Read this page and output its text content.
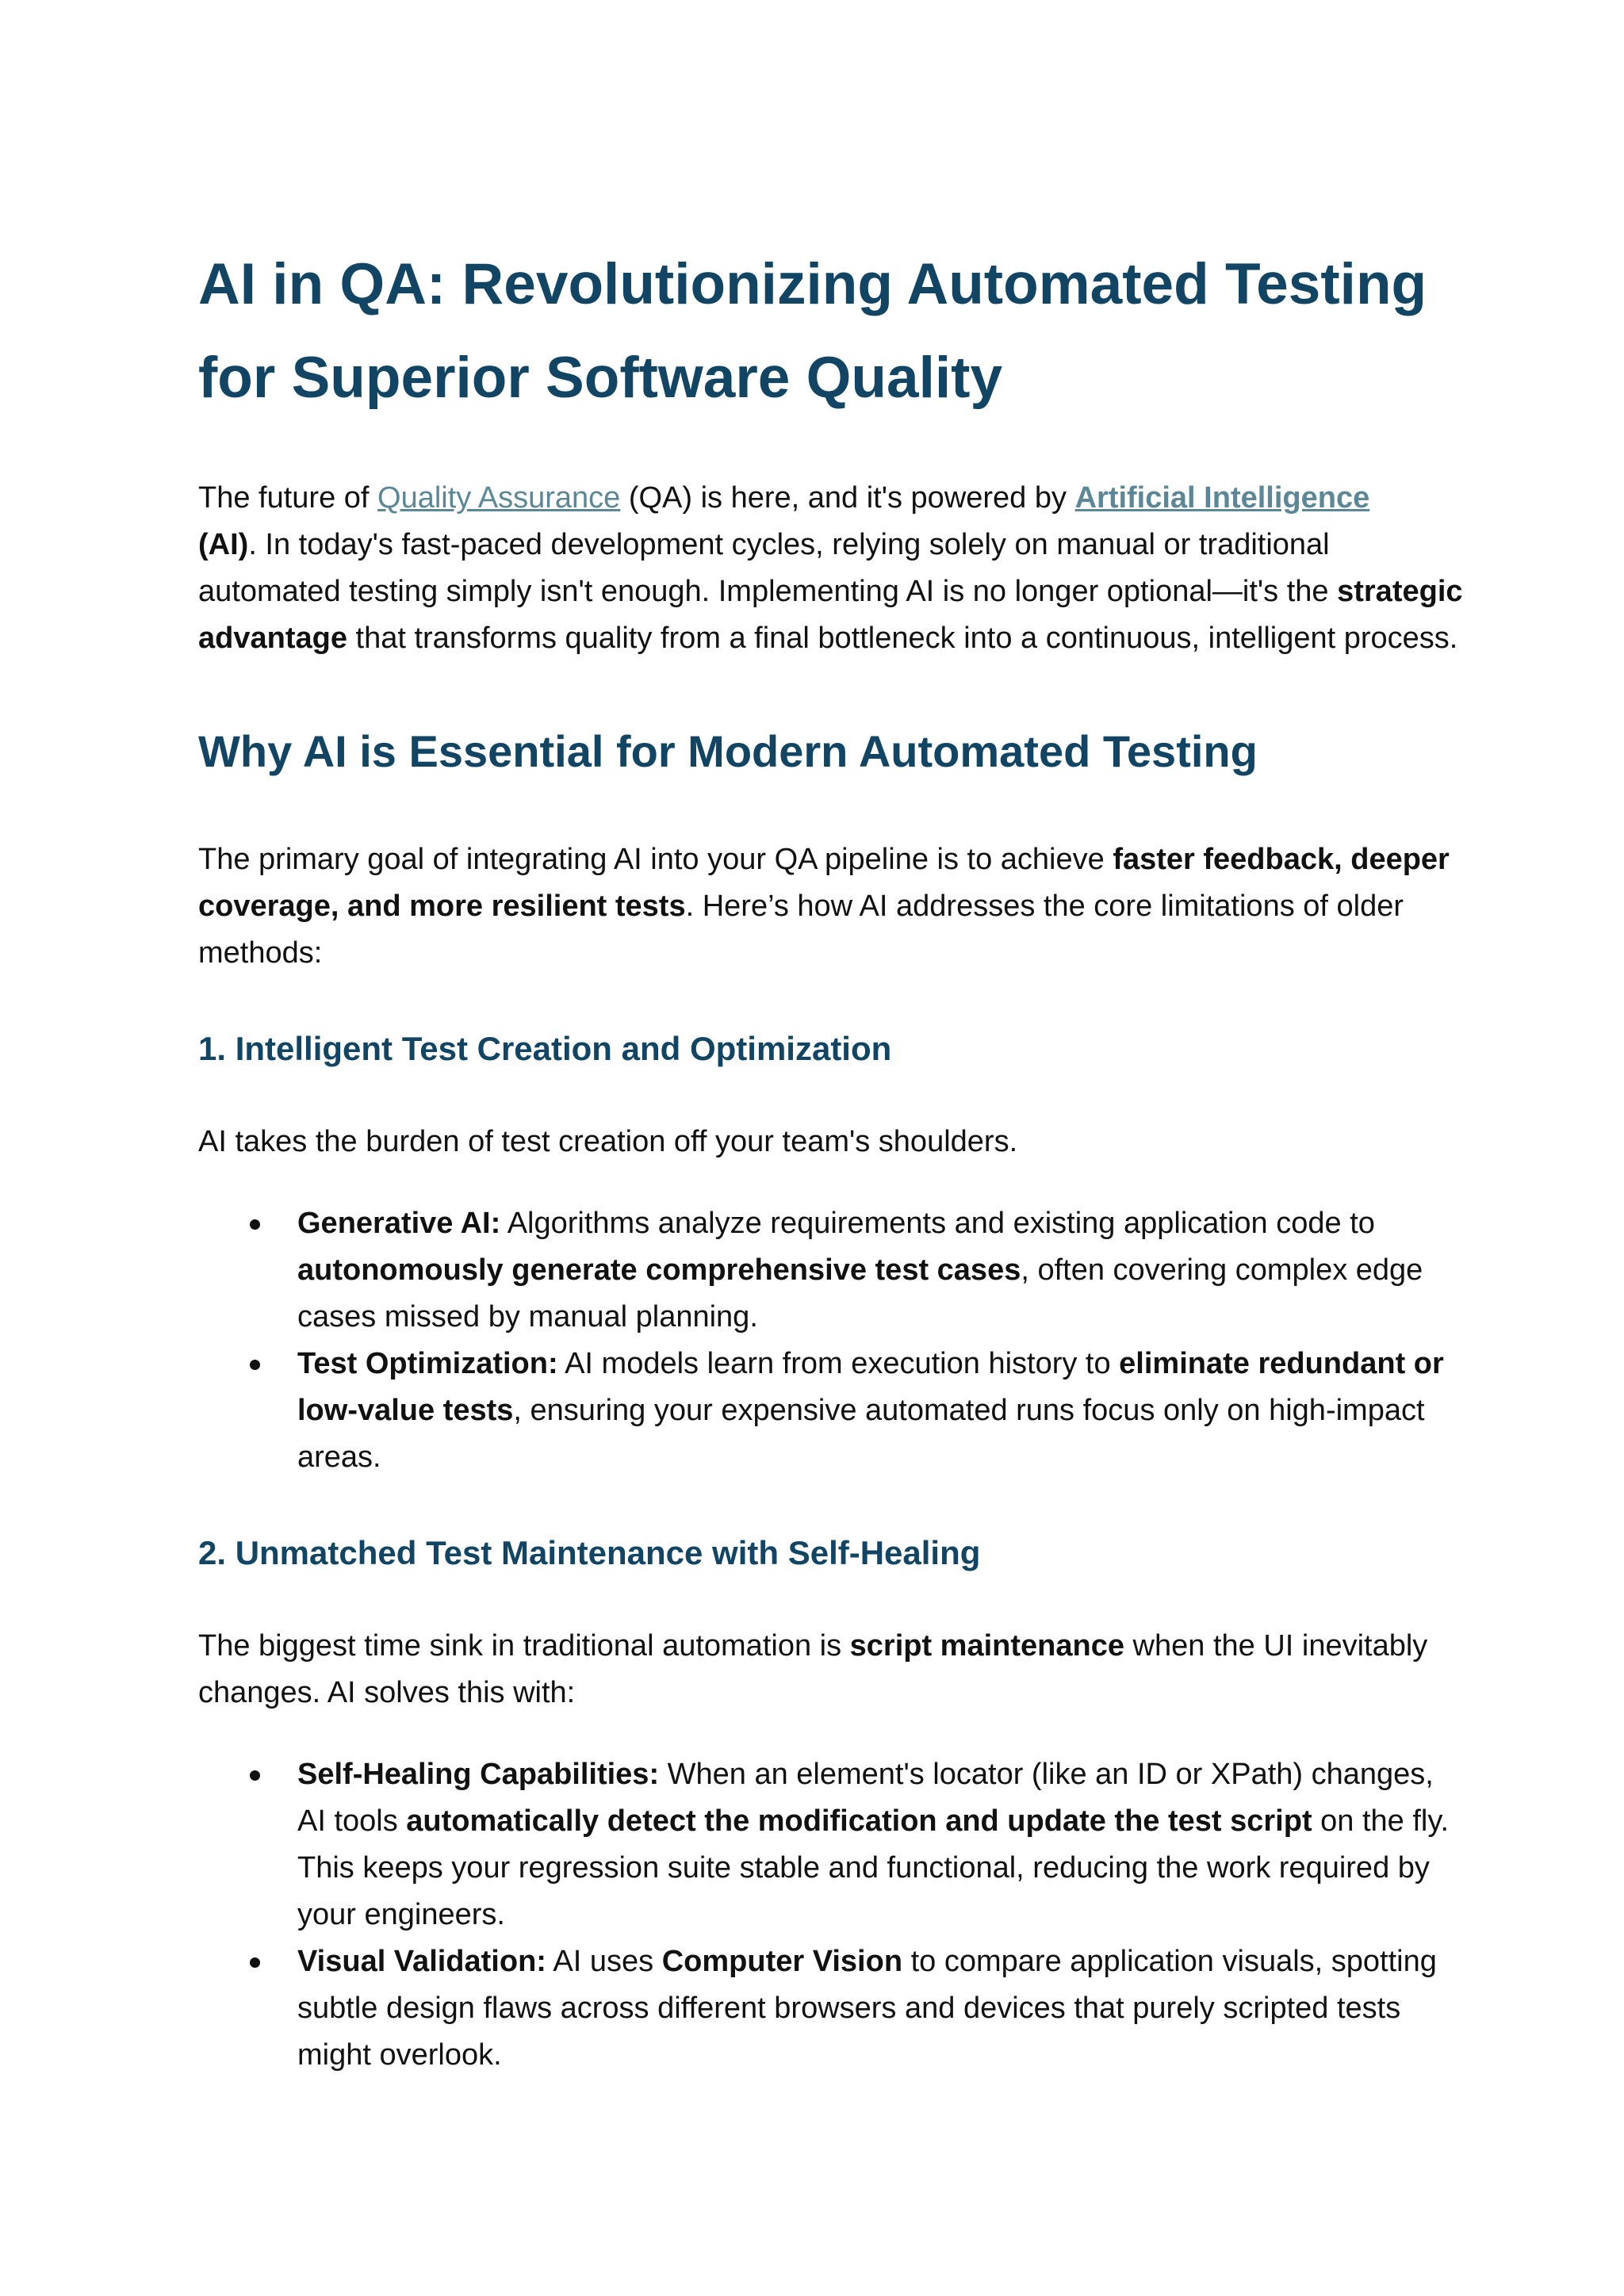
AI in QA: Revolutionizing Automated Testing for Superior Software Quality

The future of Quality Assurance (QA) is here, and it's powered by Artificial Intelligence
(AI). In today's fast-paced development cycles, relying solely on manual or traditional automated testing simply isn't enough. Implementing AI is no longer optional—it's the strategic advantage that transforms quality from a final bottleneck into a continuous, intelligent process.

Why AI is Essential for Modern Automated Testing

The primary goal of integrating AI into your QA pipeline is to achieve faster feedback, deeper coverage, and more resilient tests. Here’s how AI addresses the core limitations of older methods:

1. Intelligent Test Creation and Optimization

AI takes the burden of test creation off your team's shoulders.

Generative AI: Algorithms analyze requirements and existing application code to autonomously generate comprehensive test cases, often covering complex edge cases missed by manual planning.
Test Optimization: AI models learn from execution history to eliminate redundant or low-value tests, ensuring your expensive automated runs focus only on high-impact areas.
2. Unmatched Test Maintenance with Self-Healing

The biggest time sink in traditional automation is script maintenance when the UI inevitably changes. AI solves this with:

Self-Healing Capabilities: When an element's locator (like an ID or XPath) changes, AI tools automatically detect the modification and update the test script on the fly. This keeps your regression suite stable and functional, reducing the work required by your engineers.
Visual Validation: AI uses Computer Vision to compare application visuals, spotting subtle design flaws across different browsers and devices that purely scripted tests might overlook.
